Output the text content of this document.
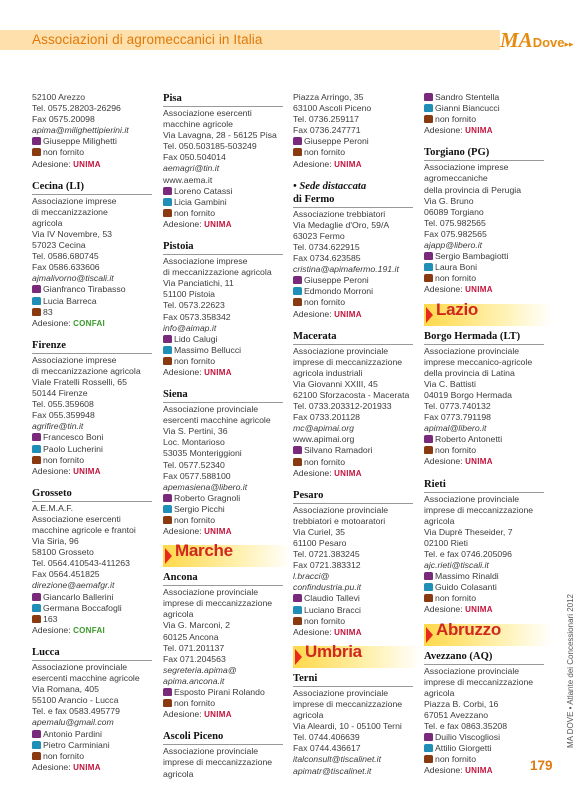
Associazioni di agromeccanici in Italia	MADove▸▸
52100 Arezzo
Tel. 0575.28203-26296
Fax 0575.20098
apima@milighettipierini.it
Giuseppe Milighetti
non fornito
Adesione: UNIMA
Cecina (LI)
Associazione imprese
di meccanizzazione
agricola
Via IV Novembre, 53
57023 Cecina
Tel. 0586.680745
Fax 0586.633606
ajmalivorno@tiscali.it
Gianfranco Tirabasso
Lucia Barreca
83
Adesione: CONFAI
Firenze
Associazione imprese
di meccanizzazione agricola
Viale Fratelli Rosselli, 65
50144 Firenze
Tel. 055.359608
Fax 055.359948
agrifire@tin.it
Francesco Boni
Paolo Lucherini
non fornito
Adesione: UNIMA
Grosseto
A.E.M.A.F.
Associazione esercenti
macchine agricole e frantoi
Via Siria, 96
58100 Grosseto
Tel. 0564.410543-411263
Fax 0564.451825
direzione@aemafgr.it
Giancarlo Ballerini
Germana Boccafogli
163
Adesione: CONFAI
Lucca
Associazione provinciale
esercenti macchine agricole
Via Romana, 405
55100 Arancio - Lucca
Tel. e fax 0583.495779
apemalu@gmail.com
Antonio Pardini
Pietro Carminiani
non fornito
Adesione: UNIMA
Pisa
Associazione esercenti
macchine agricole
Via Lavagna, 28 - 56125 Pisa
Tel. 050.503185-503249
Fax 050.504014
aemagri@tin.it
www.aema.it
Loreno Catassi
Licia Gambini
non fornito
Adesione: UNIMA
Pistoia
Associazione imprese
di meccanizzazione agricola
Via Panciatichi, 11
51100 Pistoia
Tel. 0573.22623
Fax 0573.358342
info@aimap.it
Lido Calugi
Massimo Bellucci
non fornito
Adesione: UNIMA
Siena
Associazione provinciale
esercenti macchine agricole
Via S. Pertini, 36
Loc. Montarioso
53035 Monteriggioni
Tel. 0577.52340
Fax 0577.588100
apemasiena@libero.it
Roberto Gragnoli
Sergio Picchi
non fornito
Adesione: UNIMA
Marche
Ancona
Associazione provinciale
imprese di meccanizzazione
agricola
Via G. Marconi, 2
60125 Ancona
Tel. 071.201137
Fax 071.204563
segreteria.apima@
apima.ancona.it
Esposto Pirani Rolando
non fornito
Adesione: UNIMA
Ascoli Piceno
Associazione provinciale
imprese di meccanizzazione
agricola
Piazza Arringo, 35
63100 Ascoli Piceno
Tel. 0736.259117
Fax 0736.247771
Giuseppe Peroni
non fornito
Adesione: UNIMA
• Sede distaccata
di Fermo
Associazione trebbiatori
Via Medaglie d'Oro, 59/A
63023 Fermo
Tel. 0734.622915
Fax 0734.623585
cristina@apimafermo.191.it
Giuseppe Peroni
Edmondo Morroni
non fornito
Adesione: UNIMA
Macerata
Associazione provinciale
imprese di meccanizzazione
agricola industriali
Via Giovanni XXIII, 45
62100 Sforzacosta - Macerata
Tel. 0733.203312-201933
Fax 0733.201128
mc@apimai.org
www.apimai.org
Silvano Ramadori
non fornito
Adesione: UNIMA
Pesaro
Associazione provinciale
trebbiatori e motoaratori
Via Curiel, 35
61100 Pesaro
Tel. 0721.383245
Fax 0721.383312
l.bracci@
confindustria.pu.it
Claudio Tallevi
Luciano Bracci
non fornito
Adesione: UNIMA
Umbria
Terni
Associazione provinciale
imprese di meccanizzazione
agricola
Via Aleardi, 10 - 05100 Terni
Tel. 0744.406639
Fax 0744.436617
italconsult@tiscalinet.it
apimatr@tiscalinet.it
Sandro Stentella
Gianni Biancucci
non fornito
Adesione: UNIMA
Torgiano (PG)
Associazione imprese
agromeccaniche
della provincia di Perugia
Via G. Bruno
06089 Torgiano
Tel. 075.982565
Fax 075.982565
ajapp@libero.it
Sergio Bambagiotti
Laura Boni
non fornito
Adesione: UNIMA
Lazio
Borgo Hermada (LT)
Associazione provinciale
imprese meccanico-agricole
della provincia di Latina
Via C. Battisti
04019 Borgo Hermada
Tel. 0773.740132
Fax 0773.791198
apimal@libero.it
Roberto Antonetti
non fornito
Adesione: UNIMA
Rieti
Associazione provinciale
imprese di meccanizzazione
agricola
Via Duprè Theseider, 7
02100 Rieti
Tel. e fax 0746.205096
ajc.rieti@tiscali.it
Massimo Rinaldi
Guido Colasanti
non fornito
Adesione: UNIMA
Abruzzo
Avezzano (AQ)
Associazione provinciale
imprese di meccanizzazione
agricola
Piazza B. Corbi, 16
67051 Avezzano
Tel. e fax 0863.35208
Duilio Viscogliosi
Attilio Giorgetti
non fornito
Adesione: UNIMA
MA DOVE • Atlante dei Concessionari 2012
179
